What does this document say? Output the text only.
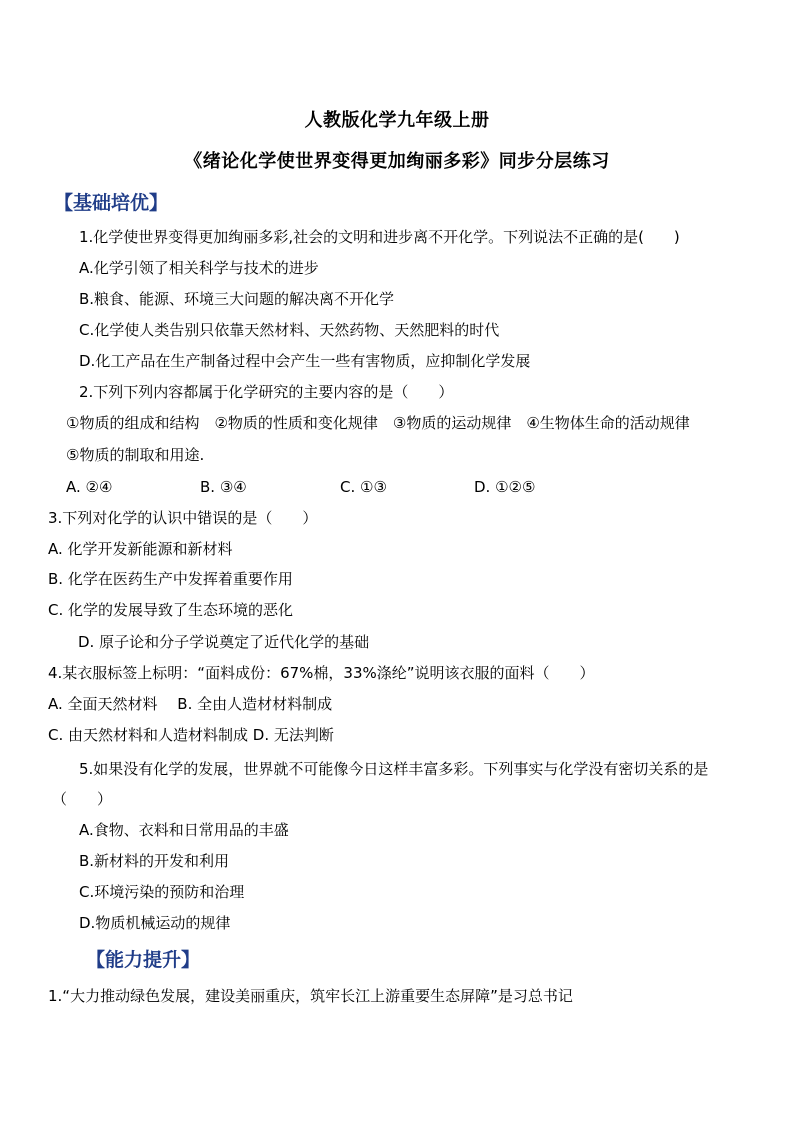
人教版化学九年级上册
《绪论化学使世界变得更加绚丽多彩》同步分层练习
【基础培优】
1.化学使世界变得更加绚丽多彩,社会的文明和进步离不开化学。下列说法不正确的是(　　)
A.化学引领了相关科学与技术的进步
B.粮食、能源、环境三大问题的解决离不开化学
C.化学使人类告别只依靠天然材料、天然药物、天然肥料的时代
D.化工产品在生产制备过程中会产生一些有害物质，应抑制化学发展
2.下列下列内容都属于化学研究的主要内容的是（　　）
①物质的组成和结构　②物质的性质和变化规律　③物质的运动规律　④生物体生命的活动规律
⑤物质的制取和用途.
A. ②④	B. ③④	C. ①③	D. ①②⑤
3.下列对化学的认识中错误的是（　　）
A. 化学开发新能源和新材料
B. 化学在医药生产中发挥着重要作用
C. 化学的发展导致了生态环境的恶化
D. 原子论和分子学说奠定了近代化学的基础
4.某衣服标签上标明：“面料成份：67%棉，33%涤纶”说明该衣服的面料（　　）
A. 全面天然材料　 B. 全由人造材材料制成
C. 由天然材料和人造材料制成 D. 无法判断
5.如果没有化学的发展，世界就不可能像今日这样丰富多彩。下列事实与化学没有密切关系的是
（　　）
A.食物、衣料和日常用品的丰盛
B.新材料的开发和利用
C.环境污染的预防和治理
D.物质机械运动的规律
【能力提升】
1.“大力推动绿色发展，建设美丽重庆，筑牢长江上游重要生态屏障”是习总书记
